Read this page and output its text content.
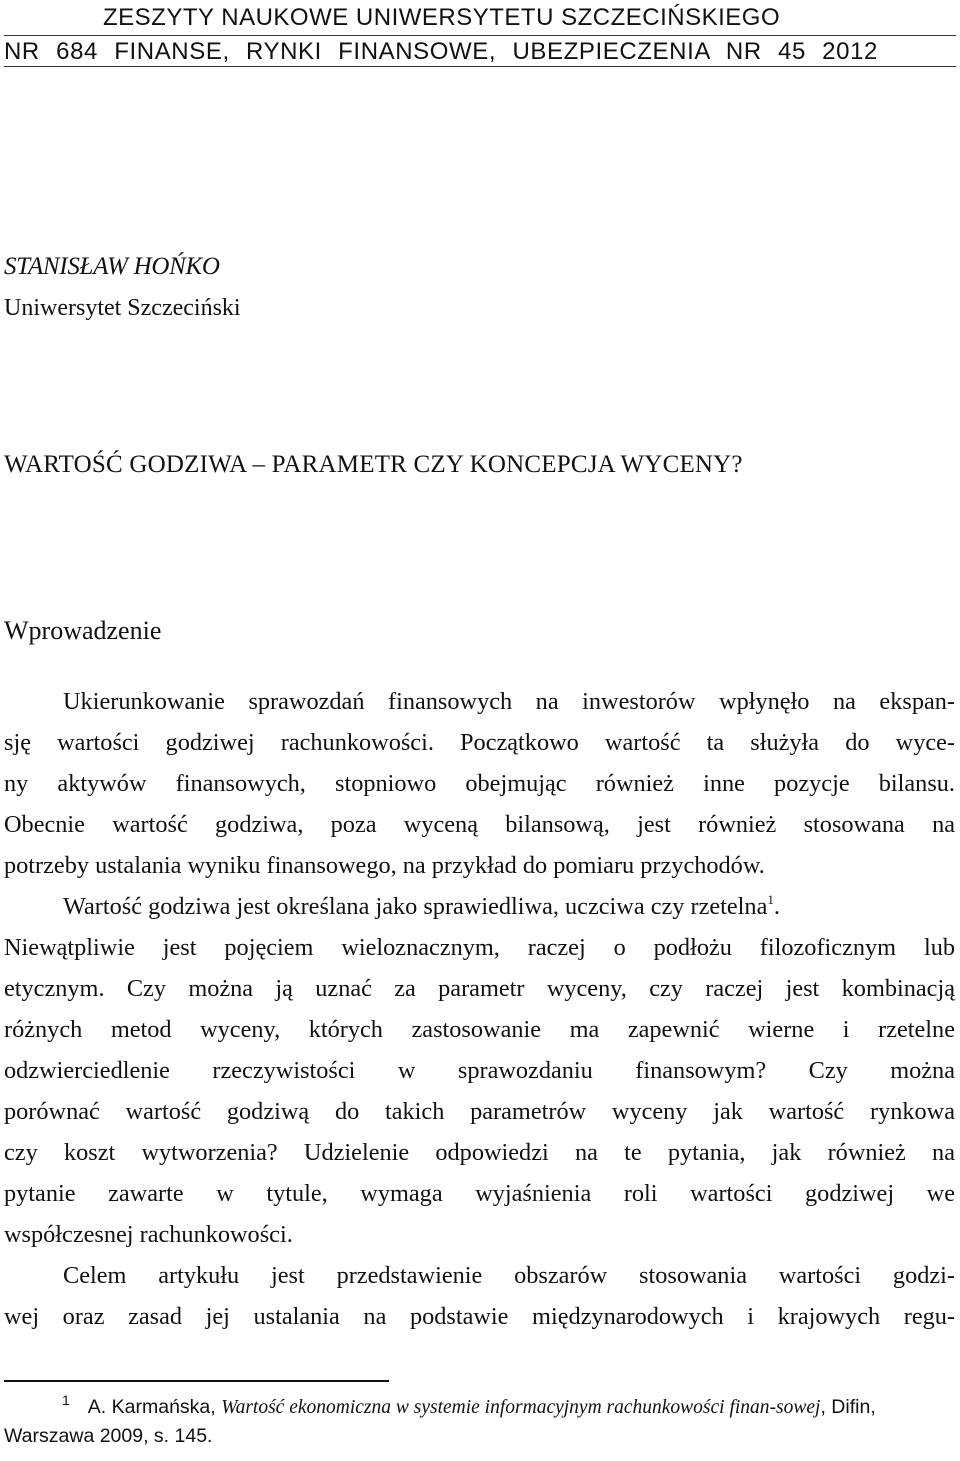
ZESZYTY NAUKOWE UNIWERSYTETU SZCZECIŃSKIEGO
NR 684 FINANSE, RYNKI FINANSOWE, UBEZPIECZENIA NR 45 2012
STANISŁAW HOŃKO
Uniwersytet Szczeciński
WARTOŚĆ GODZIWA – PARAMETR CZY KONCEPCJA WYCENY?
Wprowadzenie
Ukierunkowanie sprawozdań finansowych na inwestorów wpłynęło na ekspan-
sję wartości godziwej rachunkowości. Początkowo wartość ta służyła do wyce-
ny aktywów finansowych, stopniowo obejmując również inne pozycje bilansu.
Obecnie wartość godziwa, poza wyceną bilansową, jest również stosowana na
potrzeby ustalania wyniku finansowego, na przykład do pomiaru przychodów.
Wartość godziwa jest określana jako sprawiedliwa, uczciwa czy rzetelna$^1$.
Niewątpliwie jest pojęciem wieloznacznym, raczej o podłożu filozoficznym lub
etycznym. Czy można ją uznać za parametr wyceny, czy raczej jest kombinacją
różnych metod wyceny, których zastosowanie ma zapewnić wierne i rzetelne
odzwierciedlenie rzeczywistości w sprawozdaniu finansowym? Czy można
porównać wartość godziwą do takich parametrów wyceny jak wartość rynkowa
czy koszt wytworzenia? Udzielenie odpowiedzi na te pytania, jak również na
pytanie zawarte w tytule, wymaga wyjaśnienia roli wartości godziwej we
współczesnej rachunkowości.
Celem artykułu jest przedstawienie obszarów stosowania wartości godzi-
wej oraz zasad jej ustalania na podstawie międzynarodowych i krajowych regu-
$^1$ A. Karmańska, Wartość ekonomiczna w systemie informacyjnym rachunkowości finan-sowej, Difin, Warszawa 2009, s. 145.
